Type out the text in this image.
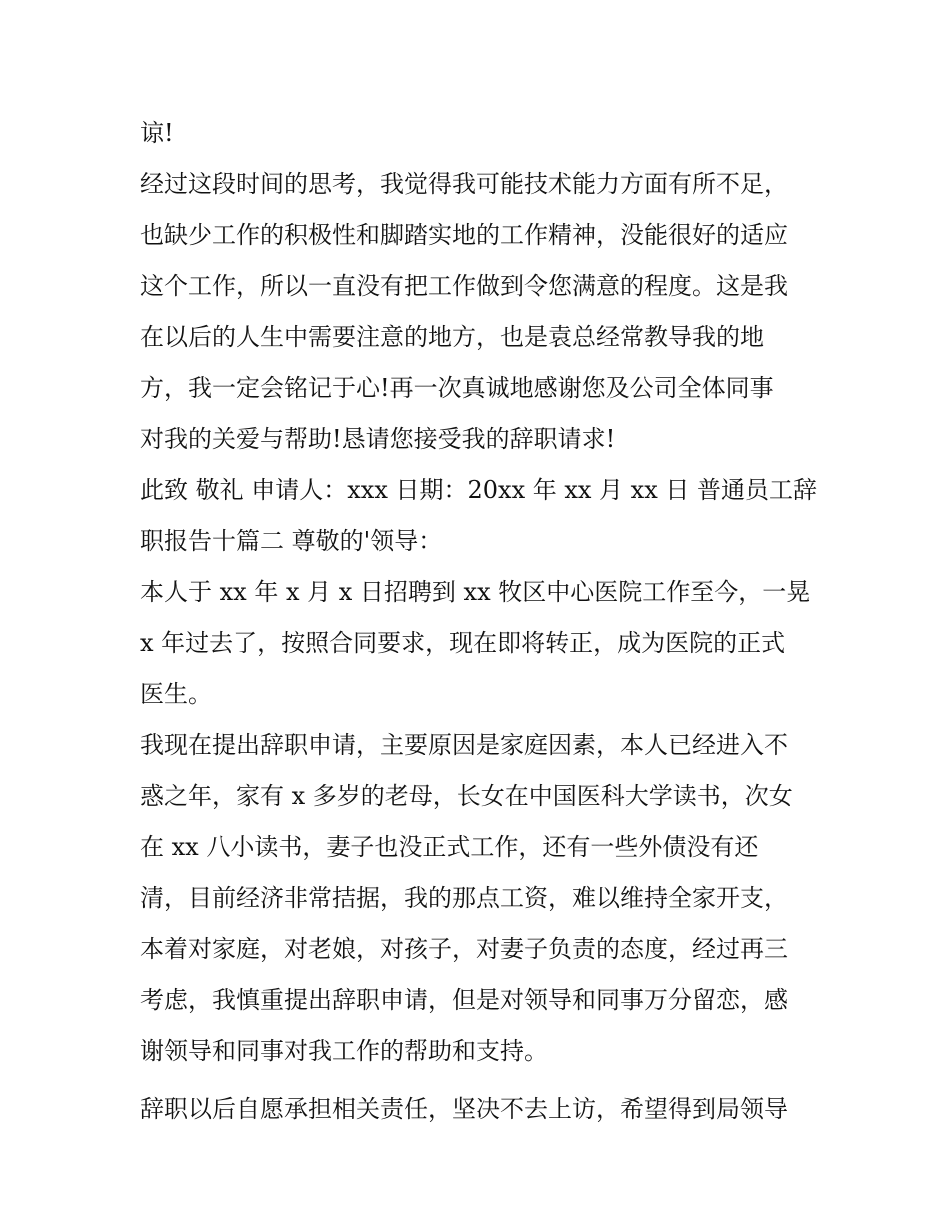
谅!

经过这段时间的思考，我觉得我可能技术能力方面有所不足，

也缺少工作的积极性和脚踏实地的工作精神，没能很好的适应

这个工作，所以一直没有把工作做到令您满意的程度。这是我

在以后的人生中需要注意的地方，也是袁总经常教导我的地

方，我一定会铭记于心!再一次真诚地感谢您及公司全体同事

对我的关爱与帮助!恳请您接受我的辞职请求!

此致 敬礼 申请人：xxx 日期：20xx 年 xx 月 xx 日 普通员工辞

职报告十篇二 尊敬的'领导：

本人于 xx 年 x 月 x 日招聘到 xx 牧区中心医院工作至今，一晃

x 年过去了，按照合同要求，现在即将转正，成为医院的正式

医生。

我现在提出辞职申请，主要原因是家庭因素，本人已经进入不

惑之年，家有 x 多岁的老母，长女在中国医科大学读书，次女

在 xx 八小读书，妻子也没正式工作，还有一些外债没有还

清，目前经济非常拮据，我的那点工资，难以维持全家开支，

本着对家庭，对老娘，对孩子，对妻子负责的态度，经过再三

考虑，我慎重提出辞职申请，但是对领导和同事万分留恋，感

谢领导和同事对我工作的帮助和支持。

辞职以后自愿承担相关责任，坚决不去上访，希望得到局领导
